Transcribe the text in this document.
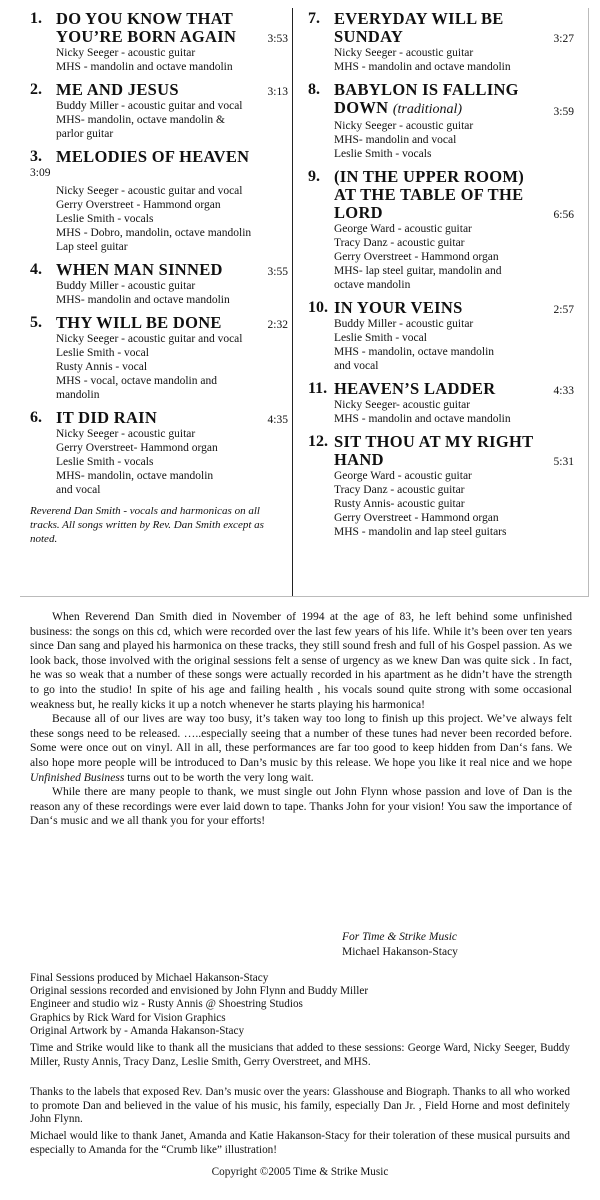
1. DO YOU KNOW THAT YOU’RE BORN AGAIN	3:53
Nicky Seeger - acoustic guitar
MHS - mandolin and octave mandolin
2. ME AND JESUS	3:13
Buddy Miller - acoustic guitar and vocal
MHS- mandolin, octave mandolin &
parlor guitar
3. MELODIES OF HEAVEN
3:09
Nicky Seeger - acoustic guitar and vocal
Gerry Overstreet - Hammond organ
Leslie Smith - vocals
MHS - Dobro, mandolin, octave mandolin
Lap steel guitar
4. WHEN MAN SINNED	3:55
Buddy Miller - acoustic guitar
MHS- mandolin and octave mandolin
5. THY WILL BE DONE	2:32
Nicky Seeger - acoustic guitar and vocal
Leslie Smith - vocal
Rusty Annis - vocal
MHS - vocal, octave mandolin and
mandolin
6. IT DID RAIN	4:35
Nicky Seeger - acoustic guitar
Gerry Overstreet- Hammond organ
Leslie Smith - vocals
MHS- mandolin, octave mandolin
and vocal
Reverend Dan Smith - vocals and harmonicas on all tracks. All songs written by Rev. Dan Smith except as noted.
7. EVERYDAY WILL BE SUNDAY	3:27
Nicky Seeger - acoustic guitar
MHS - mandolin and octave mandolin
8. BABYLON IS FALLING DOWN (traditional)	3:59
Nicky Seeger - acoustic guitar
MHS- mandolin and vocal
Leslie Smith - vocals
9. (IN THE UPPER ROOM) AT THE TABLE OF THE LORD	6:56
George Ward - acoustic guitar
Tracy Danz - acoustic guitar
Gerry Overstreet - Hammond organ
MHS- lap steel guitar, mandolin and
octave mandolin
10. IN YOUR VEINS	2:57
Buddy Miller - acoustic guitar
Leslie Smith - vocal
MHS - mandolin, octave mandolin
and vocal
11. HEAVEN’S LADDER	4:33
Nicky Seeger- acoustic guitar
MHS - mandolin and octave mandolin
12. SIT THOU AT MY RIGHT HAND	5:31
George Ward - acoustic guitar
Tracy Danz - acoustic guitar
Rusty Annis- acoustic guitar
Gerry Overstreet - Hammond organ
MHS - mandolin and lap steel guitars

When Reverend Dan Smith died in November of 1994 at the age of 83, he left behind some unfinished business: the songs on this cd, which were recorded over the last few years of his life. While it’s been over ten years since Dan sang and played his harmonica on these tracks, they still sound fresh and full of his Gospel passion. As we look back, those involved with the original sessions felt a sense of urgency as we knew Dan was quite sick . In fact, he was so weak that a number of these songs were actually recorded in his apartment as he didn’t have the strength to go into the studio! In spite of his age and failing health , his vocals sound quite strong with some occasional weakness but, he really kicks it up a notch whenever he starts playing his harmonica!

Because all of our lives are way too busy, it’s taken way too long to finish up this project. We’ve always felt these songs need to be released. …..especially seeing that a number of these tunes had never been recorded before. Some were once out on vinyl. All in all, these performances are far too good to keep hidden from Dan‘s fans. We also hope more people will be introduced to Dan’s music by this release. We hope you like it real nice and we hope Unfinished Business turns out to be worth the very long wait.

While there are many people to thank, we must single out John Flynn whose passion and love of Dan is the reason any of these recordings were ever laid down to tape. Thanks John for your vision! You saw the importance of Dan‘s music and we all thank you for your efforts!

For Time & Strike Music
Michael Hakanson-Stacy
Final Sessions produced by Michael Hakanson-Stacy
Original sessions recorded and envisioned by John Flynn and Buddy Miller
Engineer and studio wiz - Rusty Annis @ Shoestring Studios
Graphics by Rick Ward for Vision Graphics
Original Artwork by - Amanda Hakanson-Stacy
Time and Strike would like to thank all the musicians that added to these sessions: George Ward, Nicky Seeger, Buddy Miller, Rusty Annis, Tracy Danz, Leslie Smith, Gerry Overstreet, and MHS.
Thanks to the labels that exposed Rev. Dan’s music over the years: Glasshouse and Biograph. Thanks to all who worked to promote Dan and believed in the value of his music, his family, especially Dan Jr. , Field Horne and most definitely John Flynn.
Michael would like to thank Janet, Amanda and Katie Hakanson-Stacy for their toleration of these musical pursuits and especially to Amanda for the “Crumb like” illustration!
Copyright ©2005 Time & Strike Music
